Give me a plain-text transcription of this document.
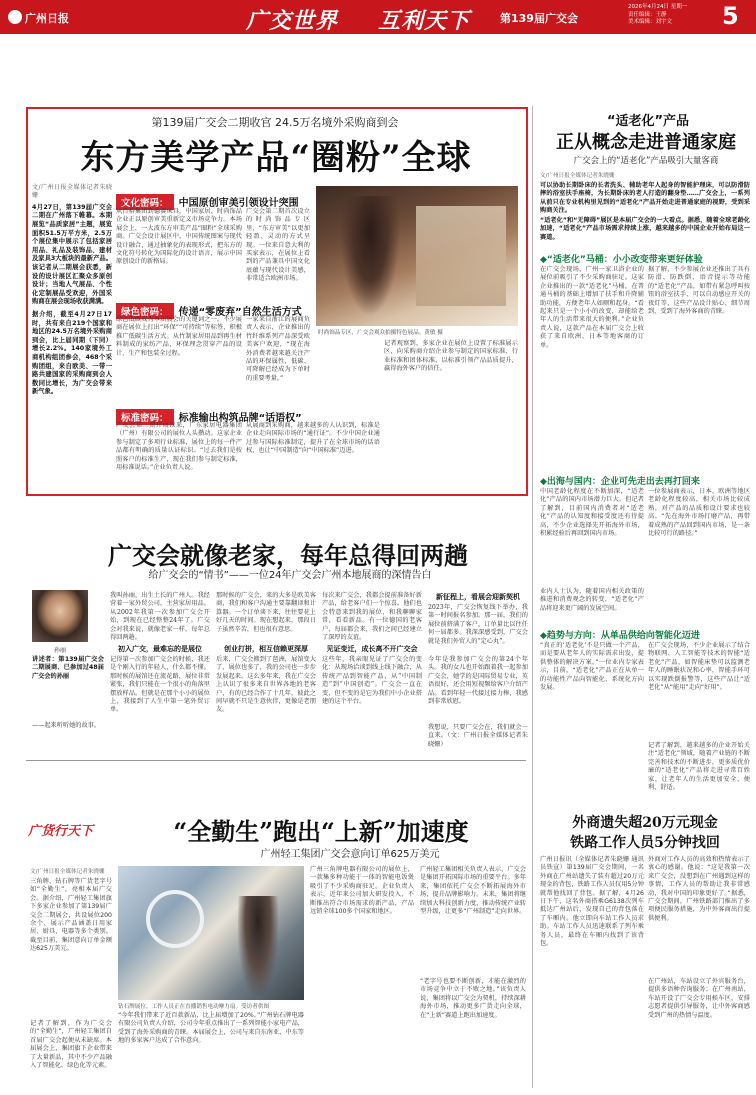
广州日报	广交世界 互利天下	第139届广交会
2026年4月24日 星期一
责任编辑：王静
美术编辑：刘宇文	5
第139届广交会二期收官 24.5万名境外采购商到会
东方美学产品“圈粉”全球
文/广州日报全媒体记者朱晓姗
4月27日，第139届广交会二期在广州落下帷幕。本期展览“品质家居”主题，展览面积51.5万平方米，2.5万个展位集中展示了包括家居用品、礼品及装饰品、建材及家具3大板块的最新产品。该记者从二期展会获悉，新设的设计展区汇聚众多原创设计；当地人气展品、个性化定制展品受欢迎，外国采购商在展会现场收获满满。
据介绍，截至4月27日17时，共有来自219个国家和地区的24.5万名境外采购商到会，比上届同期（下同）增长2.2%。140家境外工商机构组团参会，468个采购团组，来自欧美、一带一路共建国家的采购商到会人数同比增长，为广交会带来新气象。
文化密码： 中国原创审美引领设计突围
从百裕集团到德赛床具，中国家居、时尚饰品企业正以原创审美重新定义市场竞争力。本场展会上，一大波东方审美产品“圈粉”全球采购商。广交会设计展区中，中国传统图案与现代设计融合，通过抽象化的表现形式，把东方的文化符号转化为国际化的设计语言，展示中国原创设计的新格局。
广交会第二期首次设立的时尚饰品专区里，“东方审美”以更加轻盈、灵动的方式呈现。一位来自意大利的买家表示，在展位上看到的产品兼具中国文化底蕴与现代设计美感，非常适合欧洲市场。
时尚饰品专区，广交会观众拍摄特色展品。黄敏 摄
绿色密码： 传递“零废弃”自然生活方式
绿色低碳成为本届展会的关键词之一。不少展商在展位上打出“环保”“可持续”等标签，积极推广低碳生活方式。从竹制家居用品到再生材料制成的家纺产品，环保理念贯穿产品的设计、生产和包装全过程。
一家来自浙江的展商负责人表示，企业推出的竹纤维系列产品深受欧美客户欢迎，“现在海外消费者越来越关注产品的环保属性，低碳、可降解已经成为下单时的重要考量。”
标准密码： 标准输出构筑品牌“话语权”
广交会第二期开展以来，广东家居电器集团（广州）有限公司的展位人头攒动。这家企业参与制定了多项行业标准，展位上的每一件产品都有明确的质量认证标识。“过去我们是按照客户的标准生产，现在我们参与制定标准，用标准说话。”企业负责人说。
从展商到采购商，越来越多的人认识到，标准是企业走向国际市场的“通行证”。不少中国企业通过参与国际标准制定，提升了在全球市场的话语权，也让“中国制造”向“中国标准”迈进。
记者观察到，多家企业在展位上设置了标准展示区，向采购商介绍企业参与制定的国家标准、行业标准和团体标准，以标准引领产品品质提升，赢得海外客户的信任。
“适老化”产品
正从概念走进普通家庭
广交会上的“适老化”产品吸引大量客商
文/广州日报全媒体记者朱晓姗
可以协助长期卧床的长者洗头、辅助老年人起身的智能护理床，可以防滑防摔的浴室扶手座椅，为长期卧床的老人打造的翻身垫……广交会上，一系列从前只在专业机构里见到的“适老化”产品开始走进普通家庭的视野，受到采购商关注。
“适老化”和“无障碍”展区是本届广交会的一大看点。据悉，随着全球老龄化加速，“适老化”产品市场需求持续上涨，越来越多的中国企业开始布局这一赛道。
◆“适老化”马桶：小小改变带来更好体验
在广交会现场，广州一家卫浴企业的展位前吸引了不少采购商驻足。这家企业推出的一款“适老化”马桶，在普通马桶的基础上增加了扶手和升降辅助功能，方便老年人如厕和起身。“看起来只是一个小小的改变，却能给老年人的生活带来很大的便利。”企业负责人说，这款产品在本届广交会上收获了来自欧洲、日本等地客商的订单。
据了解，不少参展企业还推出了具有防滑、防跌倒、语音提示等功能的“适老化”产品，如带有紧急呼叫按钮的浴室扶手、可以自动感应开关的夜灯等，这些产品设计贴心、细节周到，受到了海外客商的青睐。
◆出海与国内：企业可先走出去再打回来
中国老龄化程度在不断加深，“适老化”产品的国内市场潜力巨大。但记者了解到，目前国内消费者对“适老化”产品的认知度和接受度还有待提高，不少企业选择先开拓海外市场，积累经验后再回到国内市场。
一位参展商表示，日本、欧洲等地区老龄化程度较高，相关市场比较成熟，对产品的品质和设计要求也较高。“先在海外市场打磨产品，再带着成熟的产品回到国内市场，是一条比较可行的路径。”
业内人士认为，随着国内相关政策的推进和消费观念的转变，“适老化”产品将迎来更广阔的发展空间。
◆趋势与方向：从单品供给向智能化迈进
“真正的‘适老化’不是只做一个产品，而是要从老年人的实际需求出发，提供整体的解决方案。”一位业内专家表示，目前，“适老化”产品正在从单一的功能性产品向智能化、系统化方向发展。
在广交会现场，不少企业展示了结合物联网、人工智能等技术的智能“适老化”产品，如智能床垫可以监测老年人的睡眠状况和心率，智能手环可以实现跌倒报警等，这些产品让“适老化”从“能用”走向“好用”。
记者了解到，越来越多的企业开始关注“适老化”领域，随着产业链的不断完善和技术的不断进步，更多质优价廉的“适老化”产品将走进寻常百姓家，让老年人的生活更加安全、便利、舒适。
广交会就像老家，每年总得回两趟
给广交会的“情书”——一位24年广交会广州本地展商的深情告白
孙丽
讲述者：第139届广交会二期展商、已参加过48届广交会的孙丽
——起来听听她的故事。
我叫孙丽，出生土长的广州人。我经营着一家外贸公司，主营家居用品。从2002年我第一次参加广交会开始，到现在已经整整24年了。广交会对我来说，就像老家一样，每年总得回两趟。
初入广交，最难忘的是展位
记得第一次参加广交会的时候，我还是个刚入行的年轻人，什么都不懂。那时候的展馆还在流花路，展位非常紧张，我们只能在一个很小的角落里摆放样品。但就是在那个小小的展位上，我接到了人生中第一笔外贸订单。
那时候的广交会，来的大多是欧美客商，我们和客户沟通主要靠翻译和计算器。一个订单谈下来，往往要花上好几天的时间。现在想起来，那段日子虽然辛苦，但也很有意思。
创业打拼，相互信赖更深厚
后来，广交会搬到了琶洲，展馆变大了，展位也多了，我的公司也一步步发展起来。这么多年来，我在广交会上认识了很多来自世界各地的老客户，有的已经合作了十几年，彼此之间早就不只是生意伙伴，更像是老朋友。
每次来广交会，我都会提前准备好新产品，给老客户们一个惊喜。他们也会特意来到我的展位，和我聊聊家常，看看新品。有一位德国的老客户，每届都会来，我们之间已经建立了深厚的友谊。
见证变迁，成长离不开广交会
这些年，我亲眼见证了广交会的变化：从现场洽谈到线上线下融合，从传统产品到智能产品，从“中国制造”到“中国创造”。广交会一直在变，但不变的是它为我们中小企业搭建的这个平台。
新征程上，看展会迎新契机
2023年，广交会恢复线下举办，我第一时间报名参加。那一届，我们的展位前挤满了客户，订单量比以往任何一届都多。我深深感受到，广交会就是我们外贸人的“定心丸”。
今年是我参加广交会的第24个年头。我的女儿也开始跟着我一起参加广交会，她学的是国际贸易专业，英语很好，还会用短视频给客户介绍产品。看到年轻一代接过接力棒，我感到非常欣慰。
我想说，只要广交会在，我们就会一直来。（文：广州日报全媒体记者朱晓姗）
外商遗失超20万元现金
铁路工作人员5分钟找回
广州日报讯（全媒体记者朱晓姗 通讯员铁宣）第139届广交会期间，一名外商在广州站遗失了装有超过20万元现金的背包，铁路工作人员仅用5分钟就帮他找回了背包。据了解，4月26日下午，这名外商搭乘G6138次列车抵达广州站后，发现自己的背包落在了车厢内。他立即向车站工作人员求助。车站工作人员迅速联系了列车乘务人员，最终在车厢内找到了该背包。
外商对工作人员的高效和热情表示了衷心的感谢。他说：“这是我第一次来广交会，没想到在广州遇到这样的事情，工作人员的帮助让我非常感动，我对中国的印象更好了。”据悉，广交会期间，广州铁路部门推出了多项便民服务措施，为中外客商出行提供便利。
在广州站，车站设立了外宾服务台，提供多语种咨询服务；在广州南站，车站开设了广交会专用候车区，安排志愿者提供引导服务，让中外客商感受到广州的热情与温度。
广货行天下	“全勤生”跑出“上新”加速度
广州轻工集团广交会意向订单625万美元
文/广州日报全媒体记者朱晓姗
三角牌、钻石牌等广货老字号如“全勤生”，亮相本届广交会。据介绍，广州轻工集团旗下多家企业参加了第139届广交会二期展会，共设展位200余个，展示产品涵盖日用家居、厨具、电器等多个类别。截至目前，集团意向订单金额达625万美元。
记者了解到，作为广交会的“全勤生”，广州轻工集团自首届广交会起便从未缺席。本届展会上，集团旗下企业带来了大量新品，其中不少产品融入了智能化、绿色化等元素。
钻石牌展位，工作人员正在直播销售电动摩力扇。受访者供图
“今年我们带来了近百款新品，比上届增加了20%。”广州钻石牌电器有限公司负责人介绍，公司今年重点推出了一系列智能小家电产品，受到了海外采购商的青睐。本届展会上，公司与来自东南亚、中东等地的多家客户达成了合作意向。
广州三角牌电器有限公司的展位上，一款集多种功能于一体的智能电饭煲吸引了不少采购商驻足。企业负责人表示，近年来公司加大研发投入，不断推出符合市场需求的新产品，产品远销全球100多个国家和地区。
广州轻工集团相关负责人表示，广交会是集团开拓国际市场的重要平台。多年来，集团依托广交会不断拓展海外市场，提升品牌影响力。未来，集团将继续加大科技创新力度，推动传统产业转型升级，让更多“广州制造”走向世界。
“老字号也要不断创新，才能在激烈的市场竞争中立于不败之地。”该负责人说，集团将以广交会为契机，持续深耕海外市场，推动更多广货走向全球，在“上新”赛道上跑出加速度。
